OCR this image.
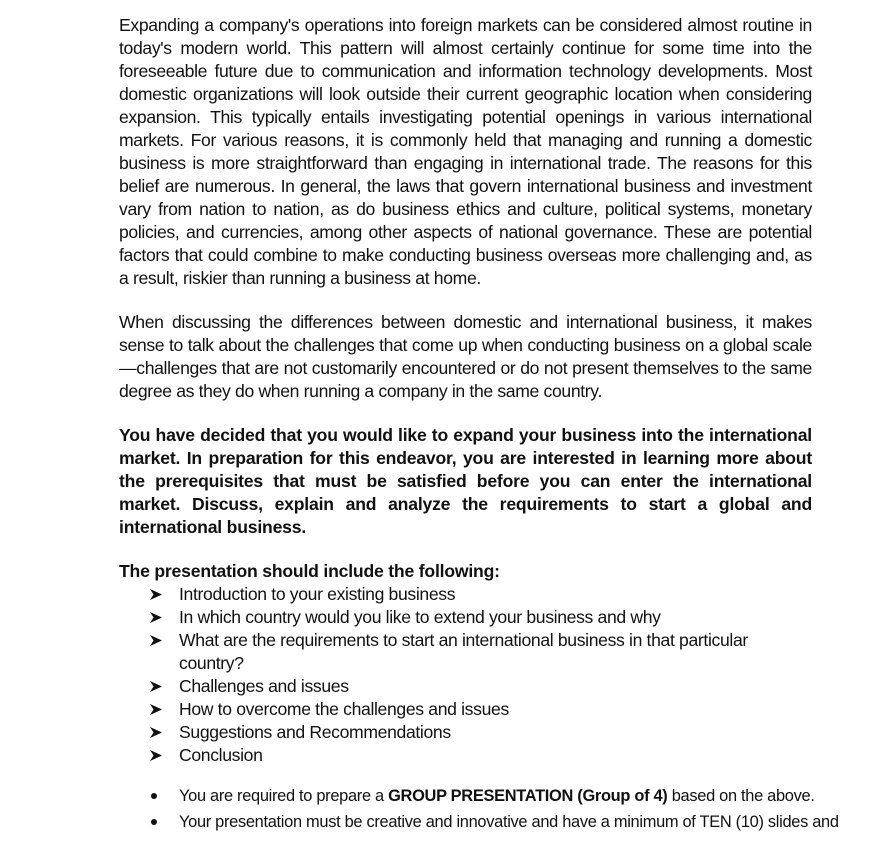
Expanding a company's operations into foreign markets can be considered almost routine in today's modern world. This pattern will almost certainly continue for some time into the foreseeable future due to communication and information technology developments. Most domestic organizations will look outside their current geographic location when considering expansion. This typically entails investigating potential openings in various international markets. For various reasons, it is commonly held that managing and running a domestic business is more straightforward than engaging in international trade. The reasons for this belief are numerous. In general, the laws that govern international business and investment vary from nation to nation, as do business ethics and culture, political systems, monetary policies, and currencies, among other aspects of national governance. These are potential factors that could combine to make conducting business overseas more challenging and, as a result, riskier than running a business at home.

When discussing the differences between domestic and international business, it makes sense to talk about the challenges that come up when conducting business on a global scale—challenges that are not customarily encountered or do not present themselves to the same degree as they do when running a company in the same country.

You have decided that you would like to expand your business into the international market. In preparation for this endeavor, you are interested in learning more about the prerequisites that must be satisfied before you can enter the international market. Discuss, explain and analyze the requirements to start a global and international business.

The presentation should include the following:

Introduction to your existing business
In which country would you like to extend your business and why
What are the requirements to start an international business in that particular country?
Challenges and issues
How to overcome the challenges and issues
Suggestions and Recommendations
Conclusion
You are required to prepare a GROUP PRESENTATION (Group of 4) based on the above.
Your presentation must be creative and innovative and have a minimum of TEN (10) slides and
